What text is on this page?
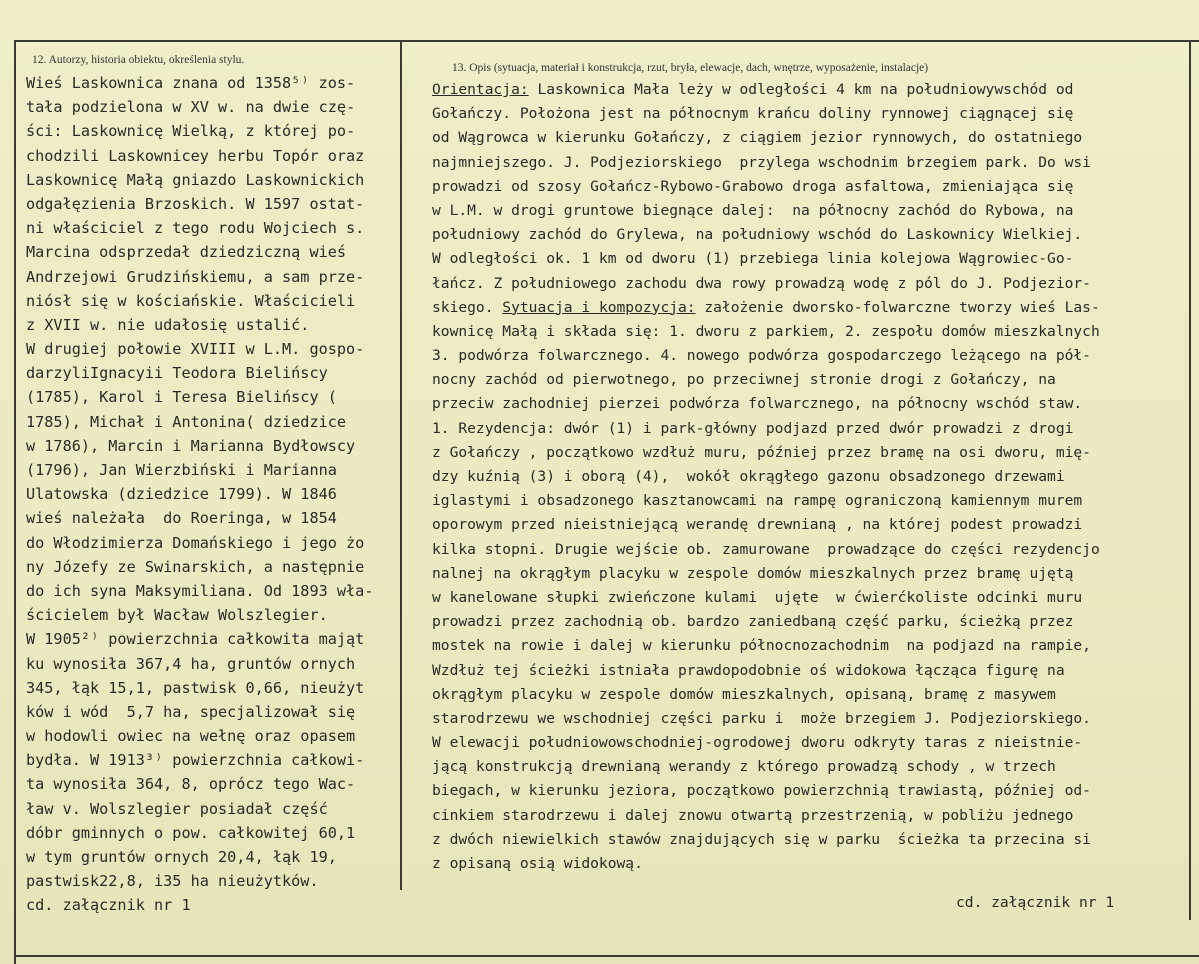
12. Autorzy, historia obiektu, określenia stylu.
13. Opis (sytuacja, materiał i konstrukcja, rzut, bryła, elewacje, dach, wnętrze, wyposażenie, instalacje)
Wieś Laskownica znana od 1358⁵⁾ zos-
tała podzielona w XV w. na dwie czę-
ści: Laskownicę Wielką, z której po-
chodzili Laskownicey herbu Topór oraz
Laskownicę Małą gniazdo Laskownickich
odgałęzienia Brzoskich. W 1597 ostat-
ni właściciel z tego rodu Wojciech s.
Marcina odsprzedał dziedziczną wieś
Andrzejowi Grudzińskiemu, a sam prze-
niósł się w kościańskie. Właścicieli
z XVII w. nie udałosię ustalić.
W drugiej połowie XVIII w L.M. gospo-
darzyliIgnacyii Teodora Bielińscy
(1785), Karol i Teresa Bielińscy (
1785), Michał i Antonina( dziedzice
w 1786), Marcin i Marianna Bydłowscy
(1796), Jan Wierzbiński i Marianna
Ulatowska (dziedzice 1799). W 1846
wieś należała  do Roeringa, w 1854
do Włodzimierza Domańskiego i jego żo
ny Józefy ze Swinarskich, a następnie
do ich syna Maksymiliana. Od 1893 wła-
ścicielem był Wacław Wolszlegier.
W 1905²⁾ powierzchnia całkowita mająt
ku wynosiła 367,4 ha, gruntów ornych
345, łąk 15,1, pastwisk 0,66, nieużyt
ków i wód  5,7 ha, specjalizował się
w hodowli owiec na wełnę oraz opasem
bydła. W 1913³⁾ powierzchnia całkowi-
ta wynosiła 364, 8, oprócz tego Wac-
ław v. Wolszlegier posiadał część
dóbr gminnych o pow. całkowitej 60,1
w tym gruntów ornych 20,4, łąk 19,
pastwisk22,8, i35 ha nieużytków.
cd. załącznik nr 1
Orientacja: Laskownica Mała leży w odległości 4 km na południowywschód od
Gołańczy. Położona jest na północnym krańcu doliny rynnowej ciągnącej się
od Wągrowca w kierunku Gołańczy, z ciągiem jezior rynnowych, do ostatniego
najmniejszego. J. Podjeziorskiego  przylega wschodnim brzegiem park. Do wsi
prowadzi od szosy Gołańcz-Rybowo-Grabowo droga asfaltowa, zmieniająca się
w L.M. w drogi gruntowe biegnące dalej:  na północny zachód do Rybowa, na
południowy zachód do Grylewa, na południowy wschód do Laskownicy Wielkiej.
W odległości ok. 1 km od dworu (1) przebiega linia kolejowa Wągrowiec-Go-
łańcz. Z południowego zachodu dwa rowy prowadzą wodę z pól do J. Podjezior-
skiego. Sytuacja i kompozycja: założenie dworsko-folwarczne tworzy wieś Las-
kownicę Małą i składa się: 1. dworu z parkiem, 2. zespołu domów mieszkalnych
3. podwórza folwarcznego. 4. nowego podwórza gospodarczego leżącego na pół-
nocny zachód od pierwotnego, po przeciwnej stronie drogi z Gołańczy, na
przeciw zachodniej pierzei podwórza folwarcznego, na północny wschód staw.
1. Rezydencja: dwór (1) i park-główny podjazd przed dwór prowadzi z drogi
z Gołańczy , początkowo wzdłuż muru, później przez bramę na osi dworu, mię-
dzy kuźnią (3) i oborą (4),  wokół okrągłego gazonu obsadzonego drzewami
iglastymi i obsadzonego kasztanowcami na rampę ograniczoną kamiennym murem
oporowym przed nieistniejącą werandę drewnianą , na której podest prowadzi
kilka stopni. Drugie wejście ob. zamurowane  prowadzące do części rezydencjo
nalnej na okrągłym placyku w zespole domów mieszkalnych przez bramę ujętą
w kanelowane słupki zwieńczone kulami  ujęte  w ćwierćkoliste odcinki muru
prowadzi przez zachodnią ob. bardzo zaniedbaną część parku, ścieżką przez
mostek na rowie i dalej w kierunku północnozachodnim  na podjazd na rampie,
Wzdłuż tej ścieżki istniała prawdopodobnie oś widokowa łącząca figurę na
okrągłym placyku w zespole domów mieszkalnych, opisaną, bramę z masywem
starodrzewu we wschodniej części parku i  może brzegiem J. Podjeziorskiego.
W elewacji południowowschodniej-ogrodowej dworu odkryty taras z nieistnie-
jącą konstrukcją drewnianą werandy z którego prowadzą schody , w trzech
biegach, w kierunku jeziora, początkowo powierzchnią trawiastą, później od-
cinkiem starodrzewu i dalej znowu otwartą przestrzenią, w pobliżu jednego
z dwóch niewielkich stawów znajdujących się w parku  ścieżka ta przecina si
z opisaną osią widokową.
cd. załącznik nr 1
